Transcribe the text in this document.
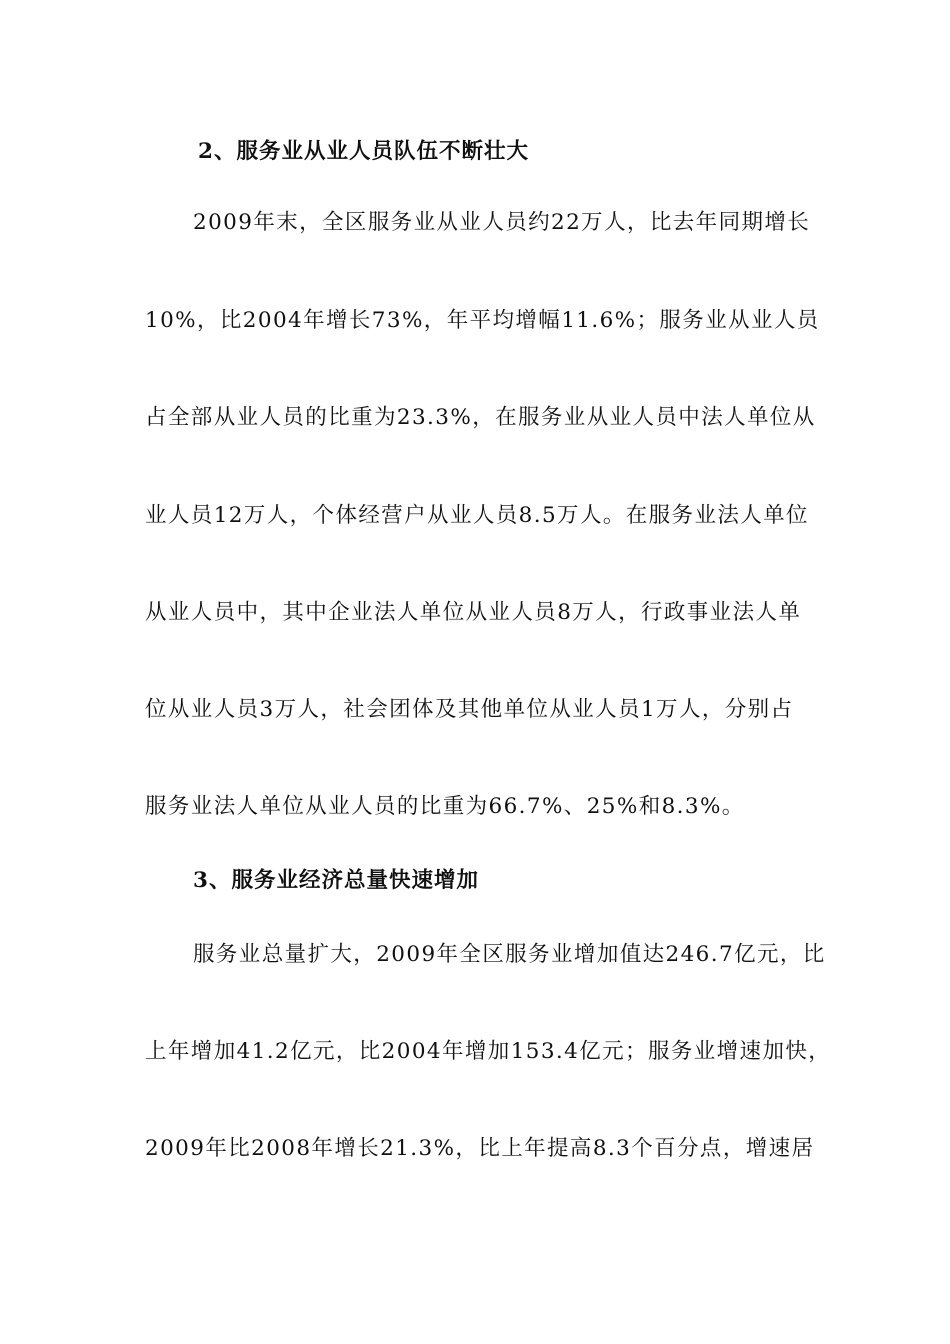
2、服务业从业人员队伍不断壮大
2009年末，全区服务业从业人员约22万人，比去年同期增长
10%，比2004年增长73%，年平均增幅11.6%；服务业从业人员
占全部从业人员的比重为23.3%，在服务业从业人员中法人单位从
业人员12万人，个体经营户从业人员8.5万人。在服务业法人单位
从业人员中，其中企业法人单位从业人员8万人，行政事业法人单
位从业人员3万人，社会团体及其他单位从业人员1万人，分别占
服务业法人单位从业人员的比重为66.7%、25%和8.3%。
3、服务业经济总量快速增加
服务业总量扩大，2009年全区服务业增加值达246.7亿元，比
上年增加41.2亿元，比2004年增加153.4亿元；服务业增速加快，
2009年比2008年增长21.3%，比上年提高8.3个百分点，增速居
